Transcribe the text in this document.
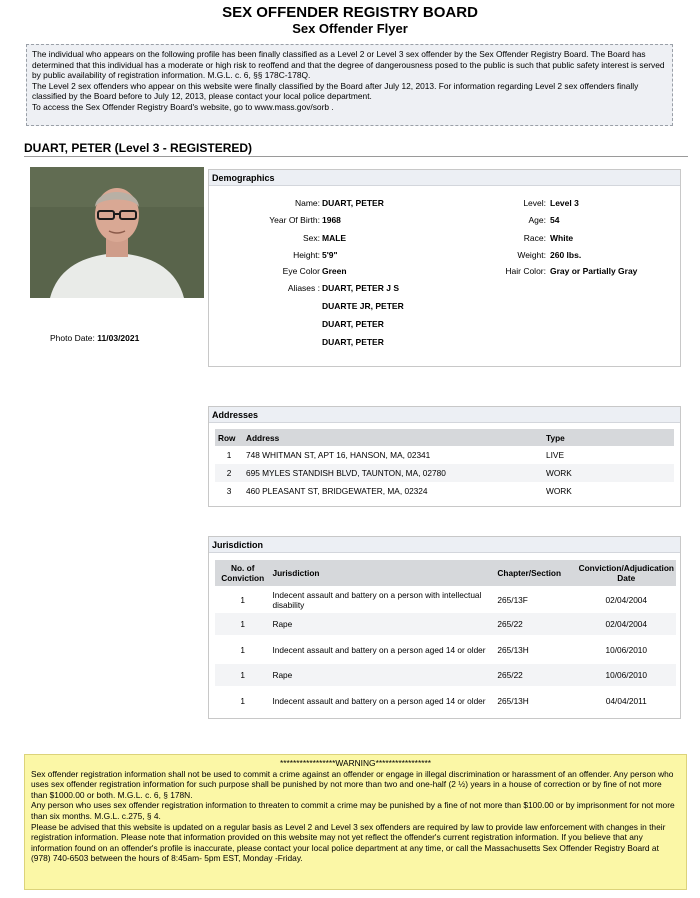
SEX OFFENDER REGISTRY BOARD
Sex Offender Flyer
The individual who appears on the following profile has been finally classified as a Level 2 or Level 3 sex offender by the Sex Offender Registry Board. The Board has determined that this individual has a moderate or high risk to reoffend and that the degree of dangerousness posed to the public is such that public safety interest is served by public availability of registration information. M.G.L. c. 6, §§ 178C-178Q.
The Level 2 sex offenders who appear on this website were finally classified by the Board after July 12, 2013. For information regarding Level 2 sex offenders finally classified by the Board before to July 12, 2013, please contact your local police department.
To access the Sex Offender Registry Board's website, go to www.mass.gov/sorb .
DUART, PETER (Level 3 - REGISTERED)
Photo Date: 11/03/2021
Demographics
Name: DUART, PETER
Year Of Birth: 1968
Sex: MALE
Height: 5'9"
Eye Color Green
Aliases : DUART, PETER J S
DUARTE JR, PETER
DUART, PETER
DUART, PETER
Level: Level 3
Age: 54
Race: White
Weight: 260 lbs.
Hair Color: Gray or Partially Gray
Addresses
Row	Address	Type
1	748 WHITMAN ST, APT 16, HANSON, MA, 02341	LIVE
2	695 MYLES STANDISH BLVD, TAUNTON, MA, 02780	WORK
3	460 PLEASANT ST, BRIDGEWATER, MA, 02324	WORK
Jurisdiction
No. of Conviction	Jurisdiction	Chapter/Section	Conviction/Adjudication Date
1	Indecent assault and battery on a person with intellectual disability	265/13F	02/04/2004
1	Rape	265/22	02/04/2004
1	Indecent assault and battery on a person aged 14 or older	265/13H	10/06/2010
1	Rape	265/22	10/06/2010
1	Indecent assault and battery on a person aged 14 or older	265/13H	04/04/2011
*****************WARNING*****************
Sex offender registration information shall not be used to commit a crime against an offender or engage in illegal discrimination or harassment of an offender. Any person who uses sex offender registration information for such purpose shall be punished by not more than two and one-half (2 ½) years in a house of correction or by fine of not more than $1000.00 or both. M.G.L. c. 6, § 178N.
Any person who uses sex offender registration information to threaten to commit a crime may be punished by a fine of not more than $100.00 or by imprisonment for not more than six months. M.G.L. c.275, § 4.
Please be advised that this website is updated on a regular basis as Level 2 and Level 3 sex offenders are required by law to provide law enforcement with changes in their registration information. Please note that information provided on this website may not yet reflect the offender's current registration information. If you believe that any information found on an offender's profile is inaccurate, please contact your local police department at any time, or call the Massachusetts Sex Offender Registry Board at (978) 740-6503 between the hours of 8:45am- 5pm EST, Monday -Friday.
